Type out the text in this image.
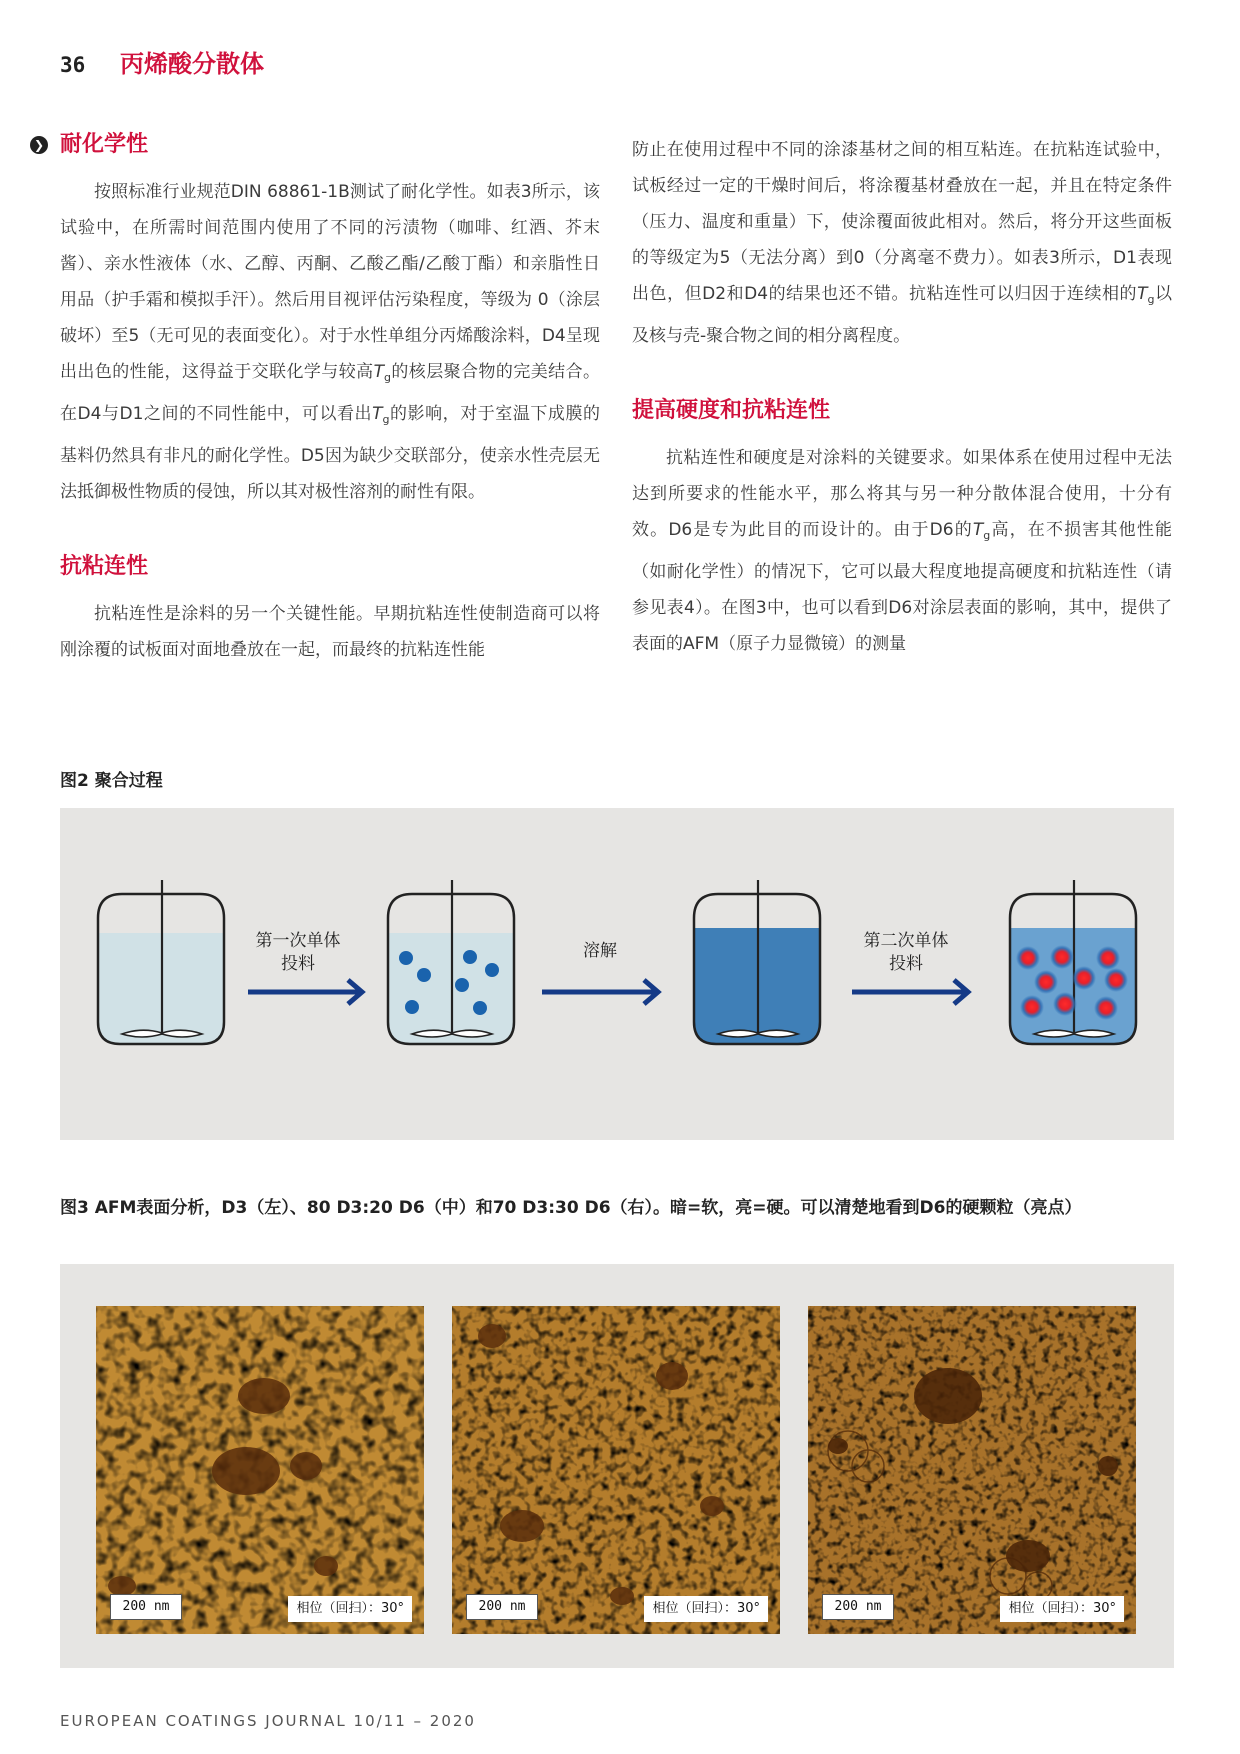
36	丙烯酸分散体
❯ 耐化学性

按照标准行业规范DIN 68861-1B测试了耐化学性。如表3所示，该试验中，在所需时间范围内使用了不同的污渍物（咖啡、红酒、芥末酱）、亲水性液体（水、乙醇、丙酮、乙酸乙酯/乙酸丁酯）和亲脂性日用品（护手霜和模拟手汗）。然后用目视评估污染程度，等级为 0（涂层破坏）至5（无可见的表面变化）。对于水性单组分丙烯酸涂料，D4呈现出出色的性能，这得益于交联化学与较高$T_g$的核层聚合物的完美结合。在D4与D1之间的不同性能中，可以看出$T_g$的影响，对于室温下成膜的基料仍然具有非凡的耐化学性。D5因为缺少交联部分，使亲水性壳层无法抵御极性物质的侵蚀，所以其对极性溶剂的耐性有限。

抗粘连性

抗粘连性是涂料的另一个关键性能。早期抗粘连性使制造商可以将刚涂覆的试板面对面地叠放在一起，而最终的抗粘连性能

防止在使用过程中不同的涂漆基材之间的相互粘连。在抗粘连试验中，试板经过一定的干燥时间后，将涂覆基材叠放在一起，并且在特定条件（压力、温度和重量）下，使涂覆面彼此相对。然后，将分开这些面板的等级定为5（无法分离）到0（分离毫不费力）。如表3所示，D1表现出色，但D2和D4的结果也还不错。抗粘连性可以归因于连续相的$T_g$以及核与壳-聚合物之间的相分离程度。

提高硬度和抗粘连性

抗粘连性和硬度是对涂料的关键要求。如果体系在使用过程中无法达到所要求的性能水平，那么将其与另一种分散体混合使用，十分有效。D6是专为此目的而设计的。由于D6的$T_g$高，在不损害其他性能（如耐化学性）的情况下，它可以最大程度地提高硬度和抗粘连性（请参见表4）。在图3中，也可以看到D6对涂层表面的影响，其中，提供了表面的AFM（原子力显微镜）的测量

图2 聚合过程
第一次单体
投料
溶解	第二次单体
投料
图3 AFM表面分析，D3（左）、80 D3:20 D6（中）和70 D3:30 D6（右）。暗=软，亮=硬。可以清楚地看到D6的硬颗粒（亮点）
200 nm	相位（回扫）：30°	200 nm	相位（回扫）：30°	200 nm	相位（回扫）：30°
EUROPEAN COATINGS JOURNAL 10/11 – 2020
